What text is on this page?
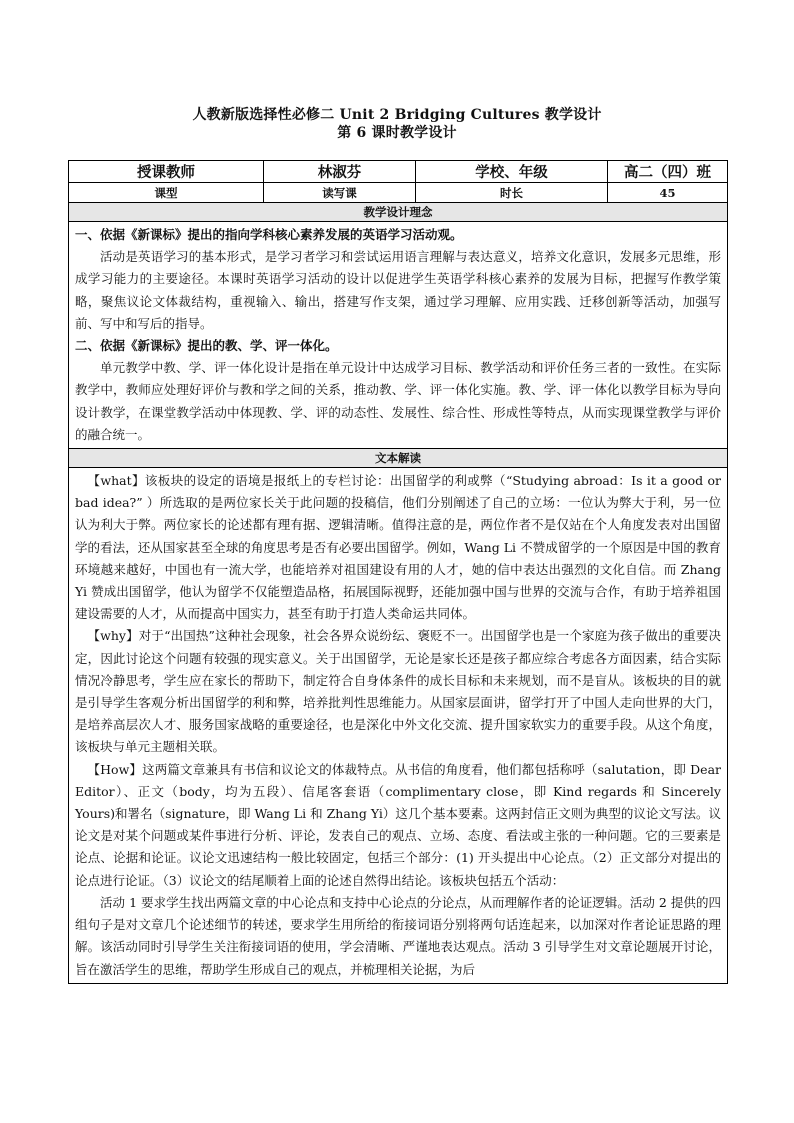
人教新版选择性必修二 Unit 2 Bridging Cultures 教学设计
第 6 课时教学设计
授课教师	林淑芬	学校、年级	高二（四）班
课型	读写课	时长	45
教学设计理念			

一、依据《新课标》提出的指向学科核心素养发展的英语学习活动观。

活动是英语学习的基本形式，是学习者学习和尝试运用语言理解与表达意义，培养文化意识，发展多元思维，形成学习能力的主要途径。本课时英语学习活动的设计以促进学生英语学科核心素养的发展为目标，把握写作教学策略，聚焦议论文体裁结构，重视输入、输出，搭建写作支架，通过学习理解、应用实践、迁移创新等活动，加强写前、写中和写后的指导。

二、依据《新课标》提出的教、学、评一体化。

单元教学中教、学、评一体化设计是指在单元设计中达成学习目标、教学活动和评价任务三者的一致性。在实际教学中，教师应处理好评价与教和学之间的关系，推动教、学、评一体化实施。教、学、评一体化以教学目标为导向设计教学，在课堂教学活动中体现教、学、评的动态性、发展性、综合性、形成性等特点，从而实现课堂教学与评价的融合统一。			

文本解读			

【what】该板块的设定的语境是报纸上的专栏讨论：出国留学的利或弊（“Studying abroad：Is it a good or bad idea?” ）所选取的是两位家长关于此问题的投稿信，他们分别阐述了自己的立场：一位认为弊大于利，另一位认为利大于弊。两位家长的论述都有理有据、逻辑清晰。值得注意的是，两位作者不是仅站在个人角度发表对出国留学的看法，还从国家甚至全球的角度思考是否有必要出国留学。例如，Wang Li 不赞成留学的一个原因是中国的教育环境越来越好，中国也有一流大学，也能培养对祖国建设有用的人才，她的信中表达出强烈的文化自信。而 Zhang Yi 赞成出国留学，他认为留学不仅能塑造品格，拓展国际视野，还能加强中国与世界的交流与合作，有助于培养祖国建设需要的人才，从而提高中国实力，甚至有助于打造人类命运共同体。

【why】对于“出国热”这种社会现象，社会各界众说纷纭、褒贬不一。出国留学也是一个家庭为孩子做出的重要决定，因此讨论这个问题有较强的现实意义。关于出国留学，无论是家长还是孩子都应综合考虑各方面因素，结合实际情况冷静思考，学生应在家长的帮助下，制定符合自身体条件的成长目标和未来规划，而不是盲从。该板块的目的就是引导学生客观分析出国留学的利和弊，培养批判性思维能力。从国家层面讲，留学打开了中国人走向世界的大门，是培养高层次人才、服务国家战略的重要途径，也是深化中外文化交流、提升国家软实力的重要手段。从这个角度，该板块与单元主题相关联。

【How】这两篇文章兼具有书信和议论文的体裁特点。从书信的角度看，他们都包括称呼（salutation，即 Dear Editor）、正文（body，均为五段）、信尾客套语（complimentary close，即 Kind regards 和 Sincerely Yours)和署名（signature，即 Wang Li 和 Zhang Yi）这几个基本要素。这两封信正文则为典型的议论文写法。议论文是对某个问题或某件事进行分析、评论，发表自己的观点、立场、态度、看法或主张的一种问题。它的三要素是论点、论据和论证。议论文迅速结构一般比较固定，包括三个部分：(1) 开头提出中心论点。（2）正文部分对提出的论点进行论证。（3）议论文的结尾顺着上面的论述自然得出结论。该板块包括五个活动：

活动 1 要求学生找出两篇文章的中心论点和支持中心论点的分论点，从而理解作者的论证逻辑。活动 2 提供的四组句子是对文章几个论述细节的转述，要求学生用所给的衔接词语分别将两句话连起来，以加深对作者论证思路的理解。该活动同时引导学生关注衔接词语的使用，学会清晰、严谨地表达观点。活动 3 引导学生对文章论题展开讨论，旨在激活学生的思维，帮助学生形成自己的观点，并梳理相关论据，为后			
